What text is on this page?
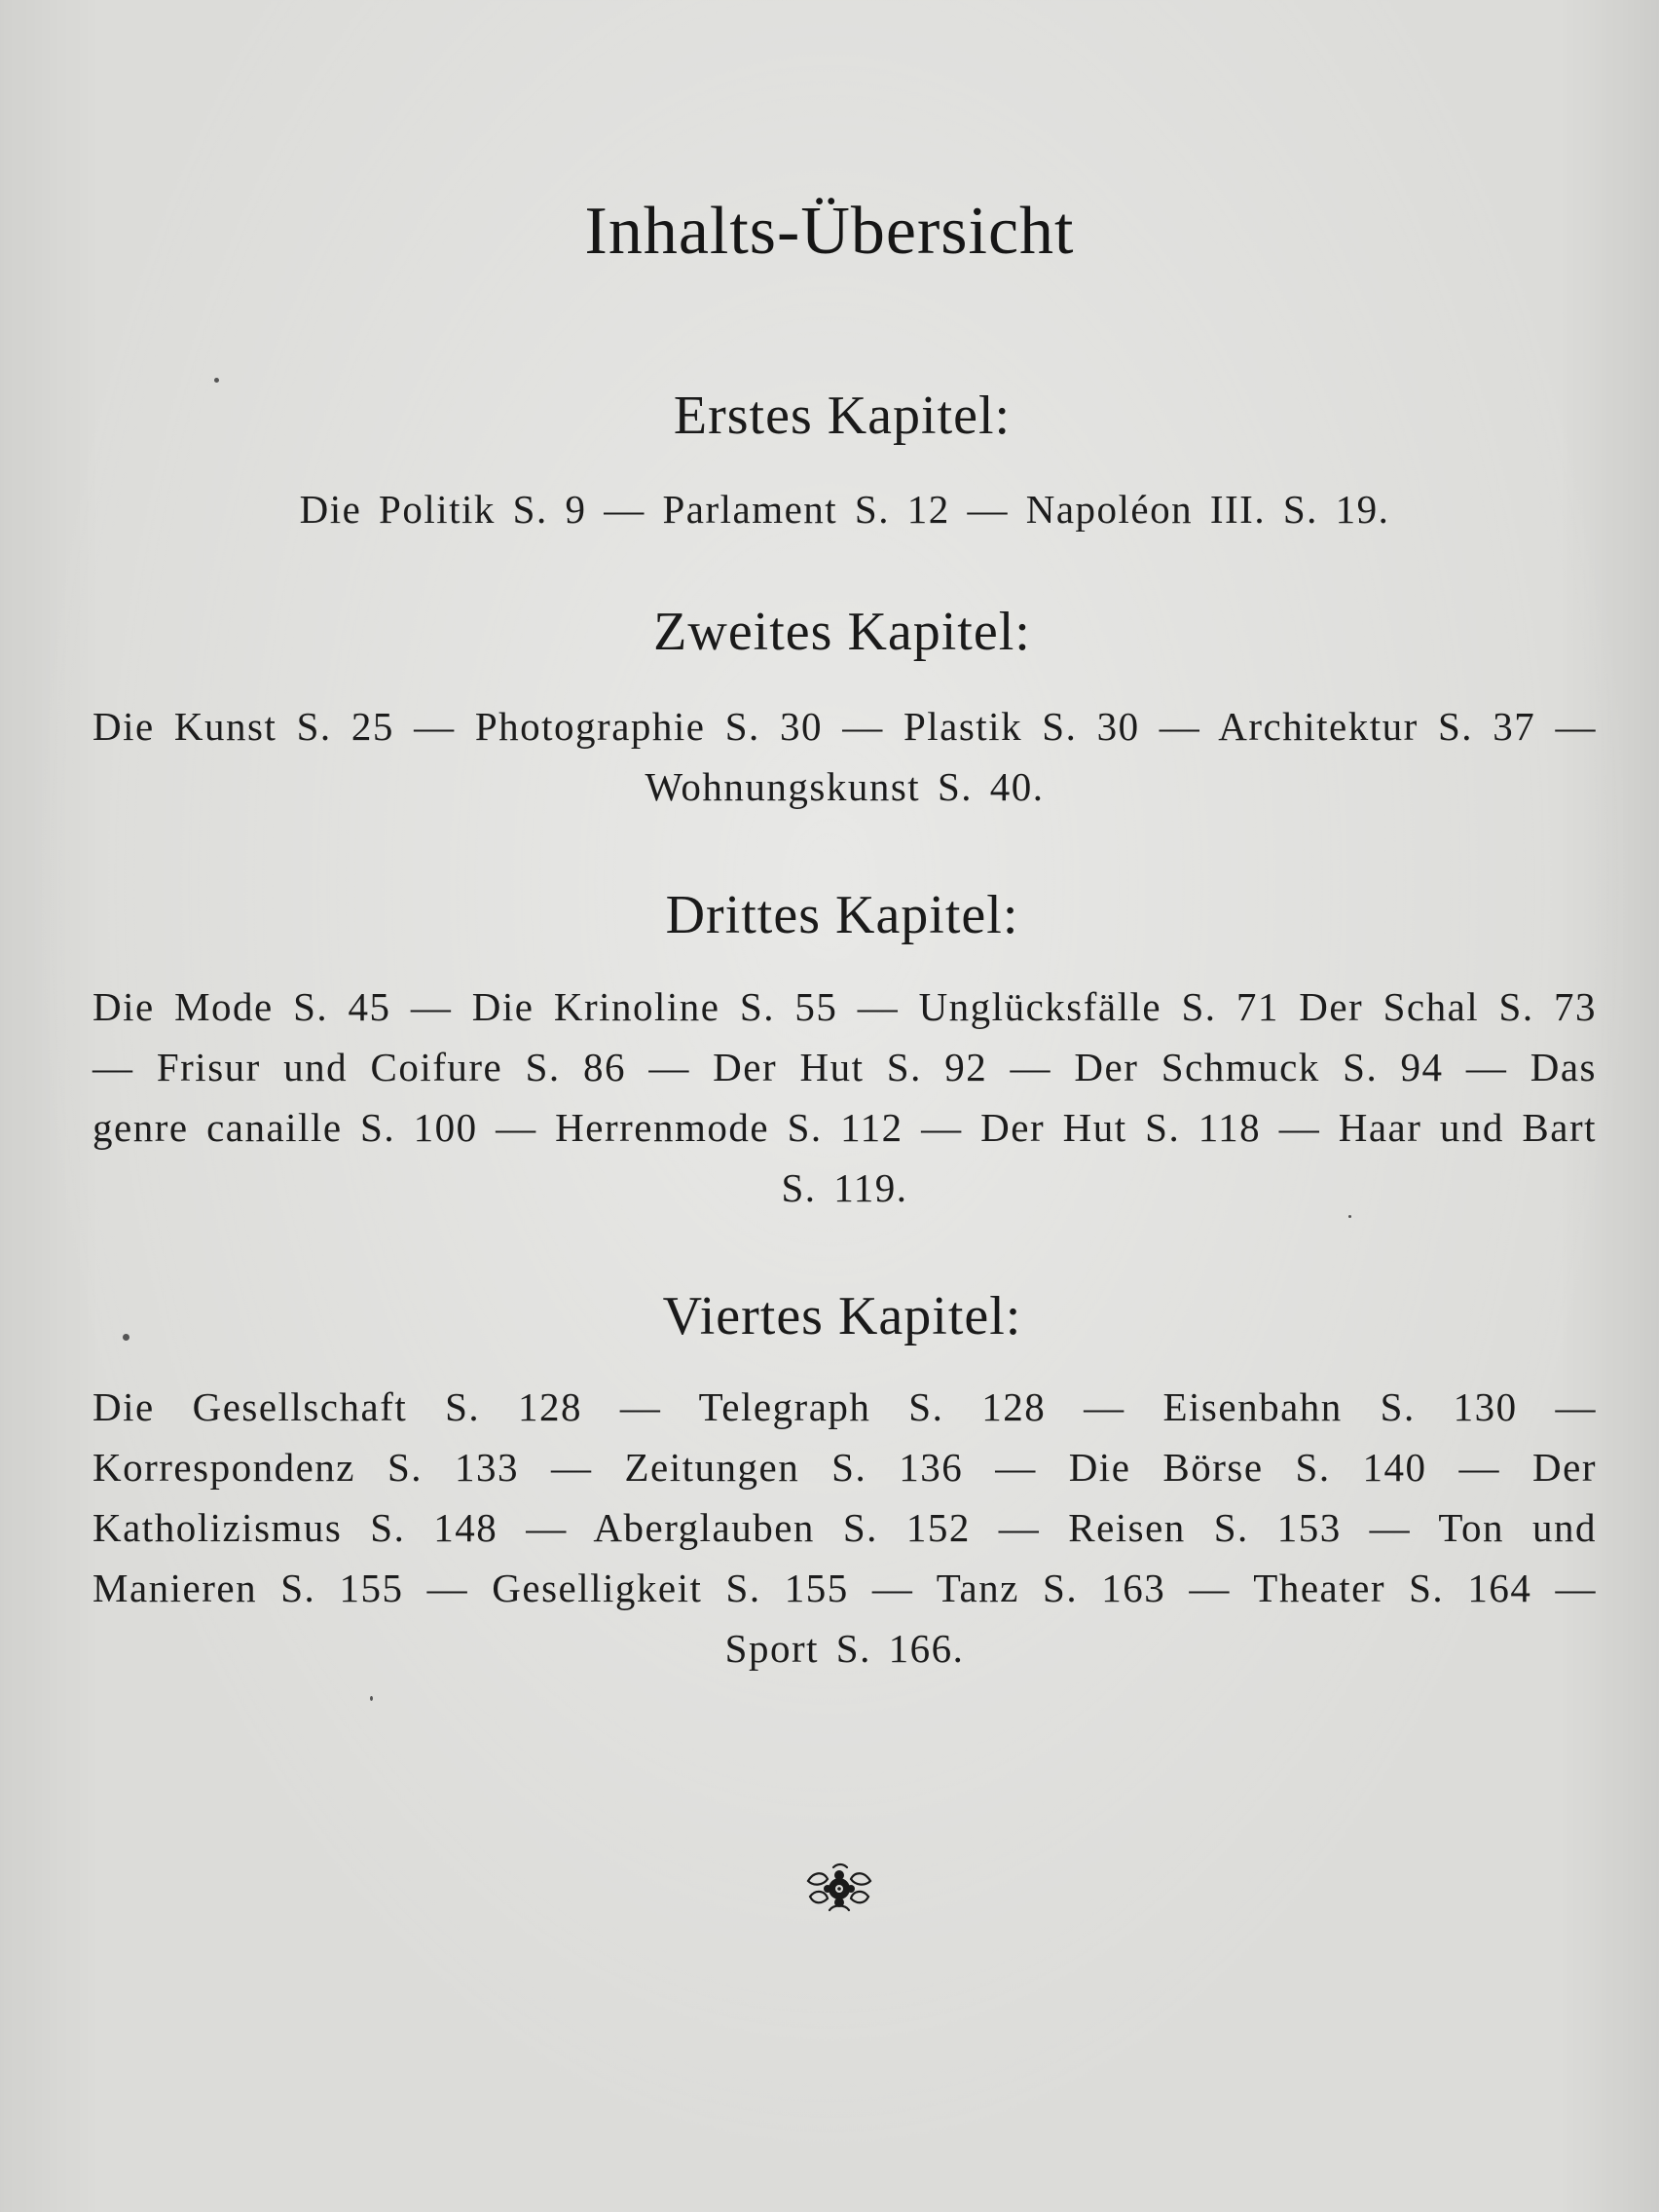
Inhalts-Übersicht
Erstes Kapitel:
Die Politik S. 9 — Parlament S. 12 — Napoléon III. S. 19.
Zweites Kapitel:
Die Kunst S. 25 — Photographie S. 30 — Plastik S. 30 — Architektur S. 37 — Wohnungskunst S. 40.
Drittes Kapitel:
Die Mode S. 45 — Die Krinoline S. 55 — Unglücksfälle S. 71 Der Schal S. 73 — Frisur und Coifure S. 86 — Der Hut S. 92 — Der Schmuck S. 94 — Das genre canaille S. 100 — Herrenmode S. 112 — Der Hut S. 118 — Haar und Bart S. 119.
Viertes Kapitel:
Die Gesellschaft S. 128 — Telegraph S. 128 — Eisenbahn S. 130 — Korrespondenz S. 133 — Zeitungen S. 136 — Die Börse S. 140 — Der Katholizismus S. 148 — Aberglauben S. 152 — Reisen S. 153 — Ton und Manieren S. 155 — Geselligkeit S. 155 — Tanz S. 163 — Theater S. 164 — Sport S. 166.
